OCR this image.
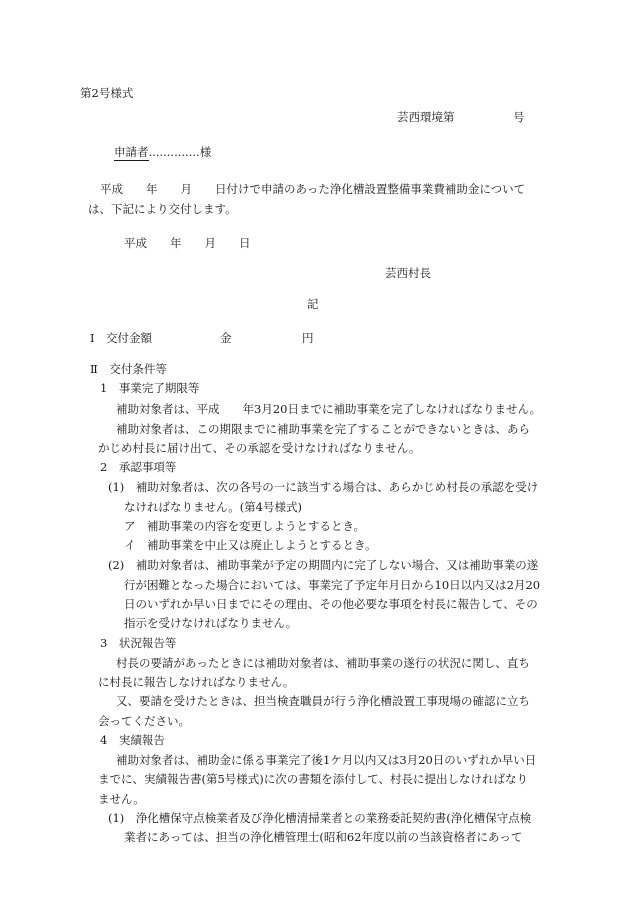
第2号様式
芸西環境第	号
申請者..............様
平成　　年　　月　　日付けで申請のあった浄化槽設置整備事業費補助金について
は、下記により交付します。
平成　　年　　月　　日
芸西村長
記
Ⅰ　交付金額	金	円
Ⅱ　交付条件等
1　事業完了期限等
補助対象者は、平成　　年3月20日までに補助事業を完了しなければなりません。
補助対象者は、この期限までに補助事業を完了することができないときは、あら
かじめ村長に届け出て、その承認を受けなければなりません。
2　承認事項等
(1)　補助対象者は、次の各号の一に該当する場合は、あらかじめ村長の承認を受け
なければなりません。(第4号様式)
ア　補助事業の内容を変更しようとするとき。
イ　補助事業を中止又は廃止しようとするとき。
(2)　補助対象者は、補助事業が予定の期間内に完了しない場合、又は補助事業の遂
行が困難となった場合においては、事業完了予定年月日から10日以内又は2月20
日のいずれか早い日までにその理由、その他必要な事項を村長に報告して、その
指示を受けなければなりません。
3　状況報告等
村長の要請があったときには補助対象者は、補助事業の遂行の状況に関し、直ち
に村長に報告しなければなりません。
又、要請を受けたときは、担当検査職員が行う浄化槽設置工事現場の確認に立ち
会ってください。
4　実績報告
補助対象者は、補助金に係る事業完了後1ケ月以内又は3月20日のいずれか早い日
までに、実績報告書(第5号様式)に次の書類を添付して、村長に提出しなければなり
ません。
(1)　浄化槽保守点検業者及び浄化槽清掃業者との業務委託契約書(浄化槽保守点検
業者にあっては、担当の浄化槽管理士(昭和62年度以前の当該資格者にあって
